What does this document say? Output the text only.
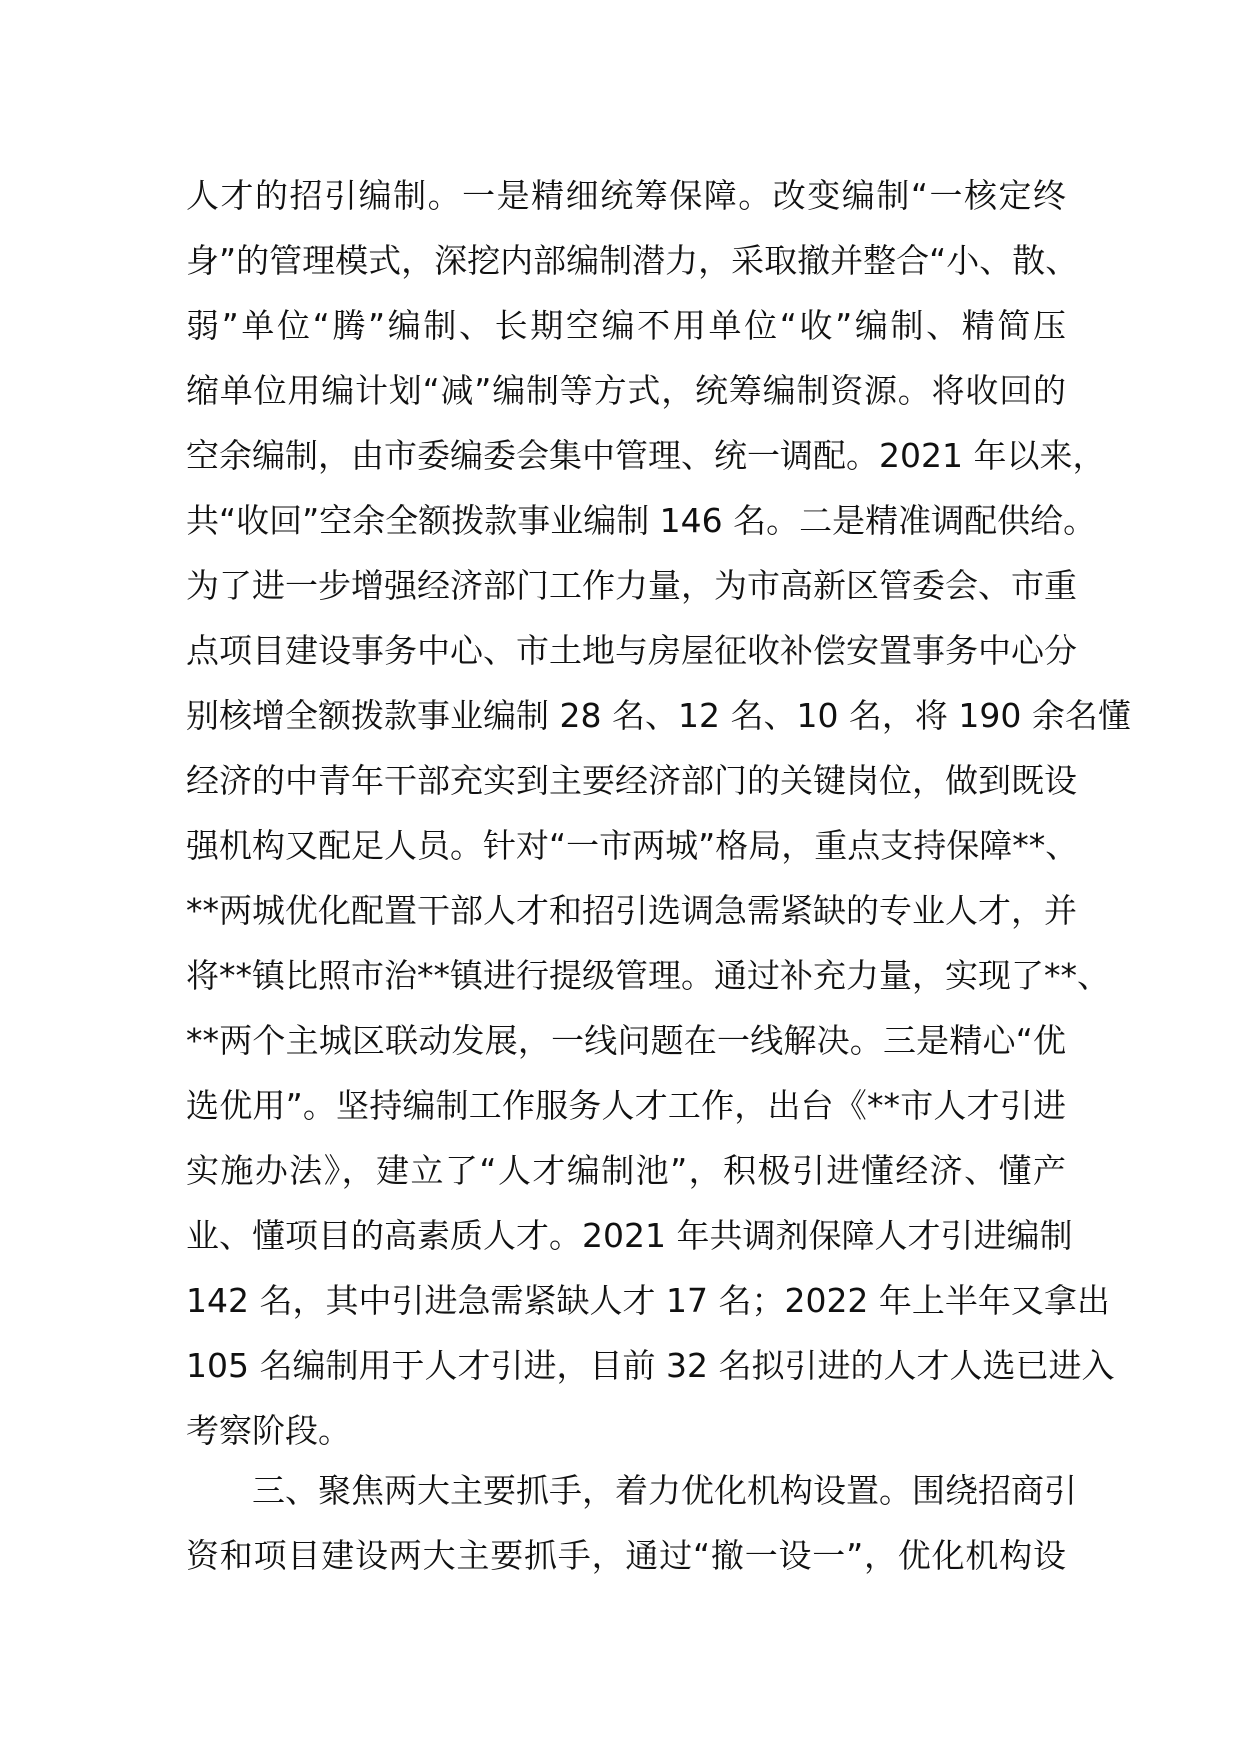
人才的招引编制。一是精细统筹保障。改变编制“一核定终
身”的管理模式，深挖内部编制潜力，采取撤并整合“小、散、
弱”单位“腾”编制、长期空编不用单位“收”编制、精简压
缩单位用编计划“减”编制等方式，统筹编制资源。将收回的
空余编制，由市委编委会集中管理、统一调配。2021 年以来，
共“收回”空余全额拨款事业编制 146 名。二是精准调配供给。
为了进一步增强经济部门工作力量，为市高新区管委会、市重
点项目建设事务中心、市土地与房屋征收补偿安置事务中心分
别核增全额拨款事业编制 28 名、12 名、10 名，将 190 余名懂
经济的中青年干部充实到主要经济部门的关键岗位，做到既设
强机构又配足人员。针对“一市两城”格局，重点支持保障**、
**两城优化配置干部人才和招引选调急需紧缺的专业人才，并
将**镇比照市治**镇进行提级管理。通过补充力量，实现了**、
**两个主城区联动发展，一线问题在一线解决。三是精心“优
选优用”。坚持编制工作服务人才工作，出台《**市人才引进
实施办法》，建立了“人才编制池”，积极引进懂经济、懂产
业、懂项目的高素质人才。2021 年共调剂保障人才引进编制
142 名，其中引进急需紧缺人才 17 名；2022 年上半年又拿出
105 名编制用于人才引进，目前 32 名拟引进的人才人选已进入
考察阶段。
三、聚焦两大主要抓手，着力优化机构设置。围绕招商引
资和项目建设两大主要抓手，通过“撤一设一”，优化机构设
